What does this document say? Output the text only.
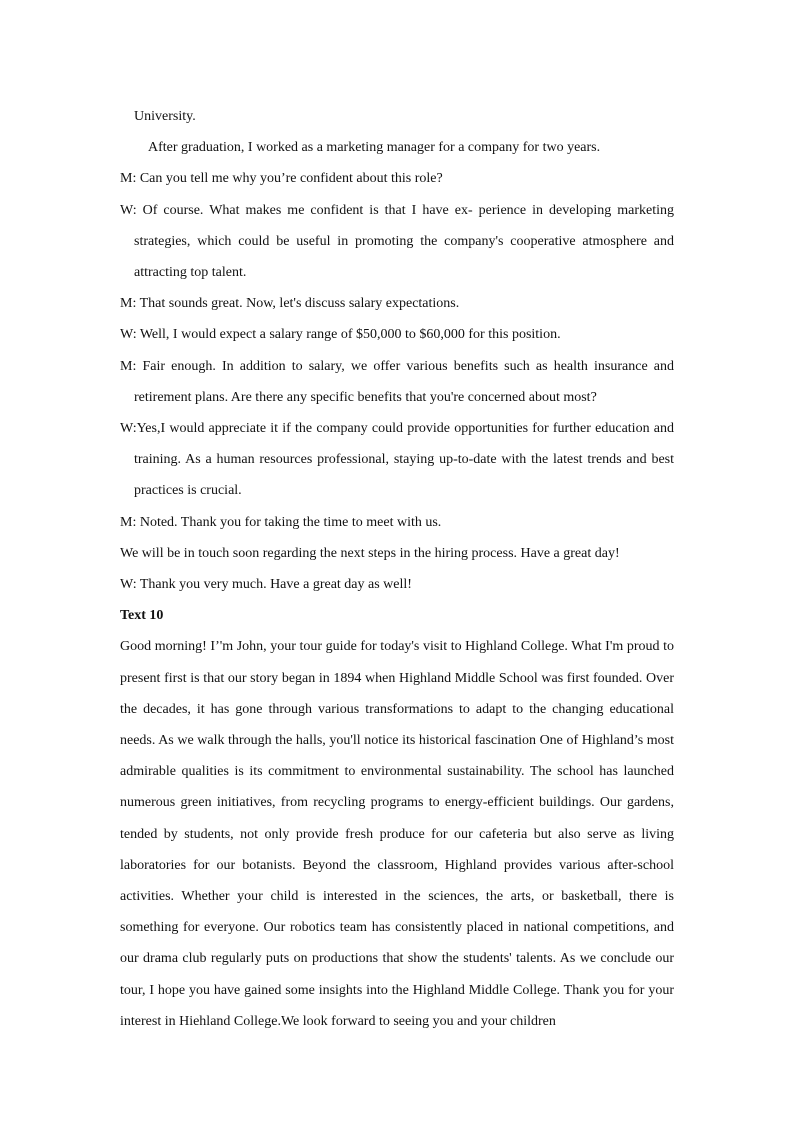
University.

After graduation, I worked as a marketing manager for a company for two years.

M: Can you tell me why you’re confident about this role?

W: Of course. What makes me confident is that I have ex- perience in developing marketing strategies, which could be useful in promoting the company's cooperative atmosphere and attracting top talent.

M: That sounds great. Now, let's discuss salary expectations.

W: Well, I would expect a salary range of $50,000 to $60,000 for this position.

M: Fair enough. In addition to salary, we offer various benefits such as health insurance and retirement plans. Are there any specific benefits that you're concerned about most?

W:Yes,I would appreciate it if the company could provide opportunities for further education and training. As a human resources professional, staying up-to-date with the latest trends and best practices is crucial.

M: Noted. Thank you for taking the time to meet with us.

We will be in touch soon regarding the next steps in the hiring process. Have a great day!

W: Thank you very much. Have a great day as well!

Text 10

Good morning! I’'m John, your tour guide for today's visit to Highland College. What I'm proud to present first is that our story began in 1894 when Highland Middle School was first founded. Over the decades, it has gone through various transformations to adapt to the changing educational needs. As we walk through the halls, you'll notice its historical fascination One of Highland’s most admirable qualities is its commitment to environmental sustainability. The school has launched numerous green initiatives, from recycling programs to energy-efficient buildings. Our gardens, tended by students, not only provide fresh produce for our cafeteria but also serve as living laboratories for our botanists. Beyond the classroom, Highland provides various after-school activities. Whether your child is interested in the sciences, the arts, or basketball, there is something for everyone. Our robotics team has consistently placed in national competitions, and our drama club regularly puts on productions that show the students' talents. As we conclude our tour, I hope you have gained some insights into the Highland Middle College. Thank you for your interest in Hiehland College.We look forward to seeing you and your children
